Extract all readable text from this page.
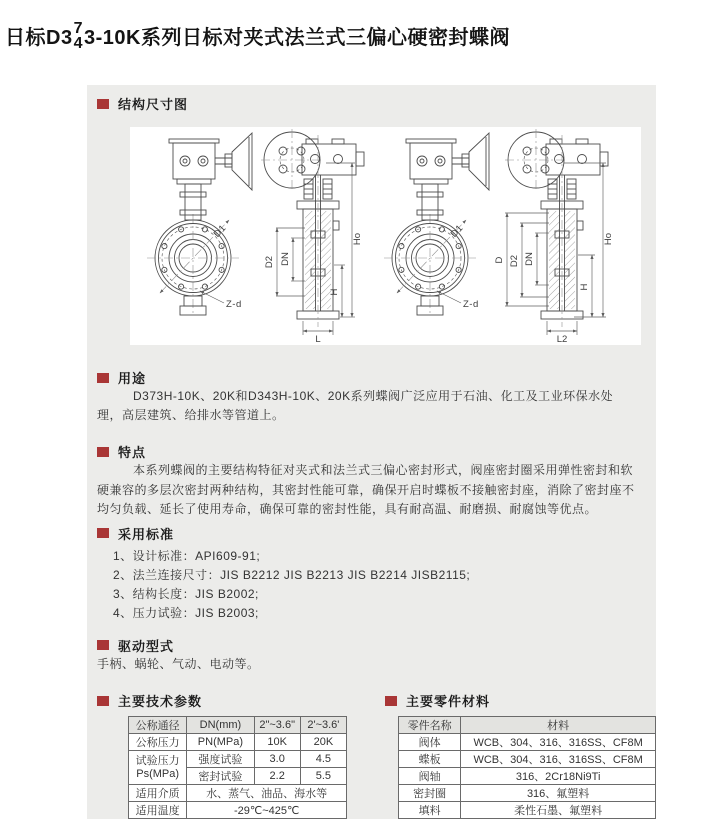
日标D3 7
4 3-10K系列日标对夹式法兰式三偏心硬密封蝶阀
结构尺寸图
Z-d
D2 DN
Ho
H
L
D D2 DN
Ho
H
L2
用途

D373H-10K、20K和D343H-10K、20K系列蝶阀广泛应用于石油、化工及工业环保水处理，高层建筑、给排水等管道上。

特点

本系列蝶阀的主要结构特征对夹式和法兰式三偏心密封形式，阀座密封圈采用弹性密封和软硬兼容的多层次密封两种结构，其密封性能可靠，确保开启时蝶板不接触密封座，消除了密封座不均匀负载、延长了使用寿命，确保可靠的密封性能，具有耐高温、耐磨损、耐腐蚀等优点。

采用标准
1、设计标准：API609-91;
2、法兰连接尺寸：JIS B2212 JIS B2213 JIS B2214 JISB2115;
3、结构长度：JIS B2002;
4、压力试验：JIS B2003;
驱动型式

手柄、蜗轮、气动、电动等。

主要技术参数
公称通径	DN(mm)	2"~3.6"	2'~3.6'
公称压力	PN(MPa)	10K	20K

试验压力
Ps(MPa)	强度试验	3.0	4.5
	密封试验	2.2	5.5
适用介质	水、蒸气、油品、海水等		
适用温度	-29℃~425℃		
主要零件材料
零件名称	材料
阀体	WCB、304、316、316SS、CF8M
蝶板	WCB、304、316、316SS、CF8M
阀轴	316、2Cr18Ni9Ti
密封圈	316、氟塑料
填料	柔性石墨、氟塑料
